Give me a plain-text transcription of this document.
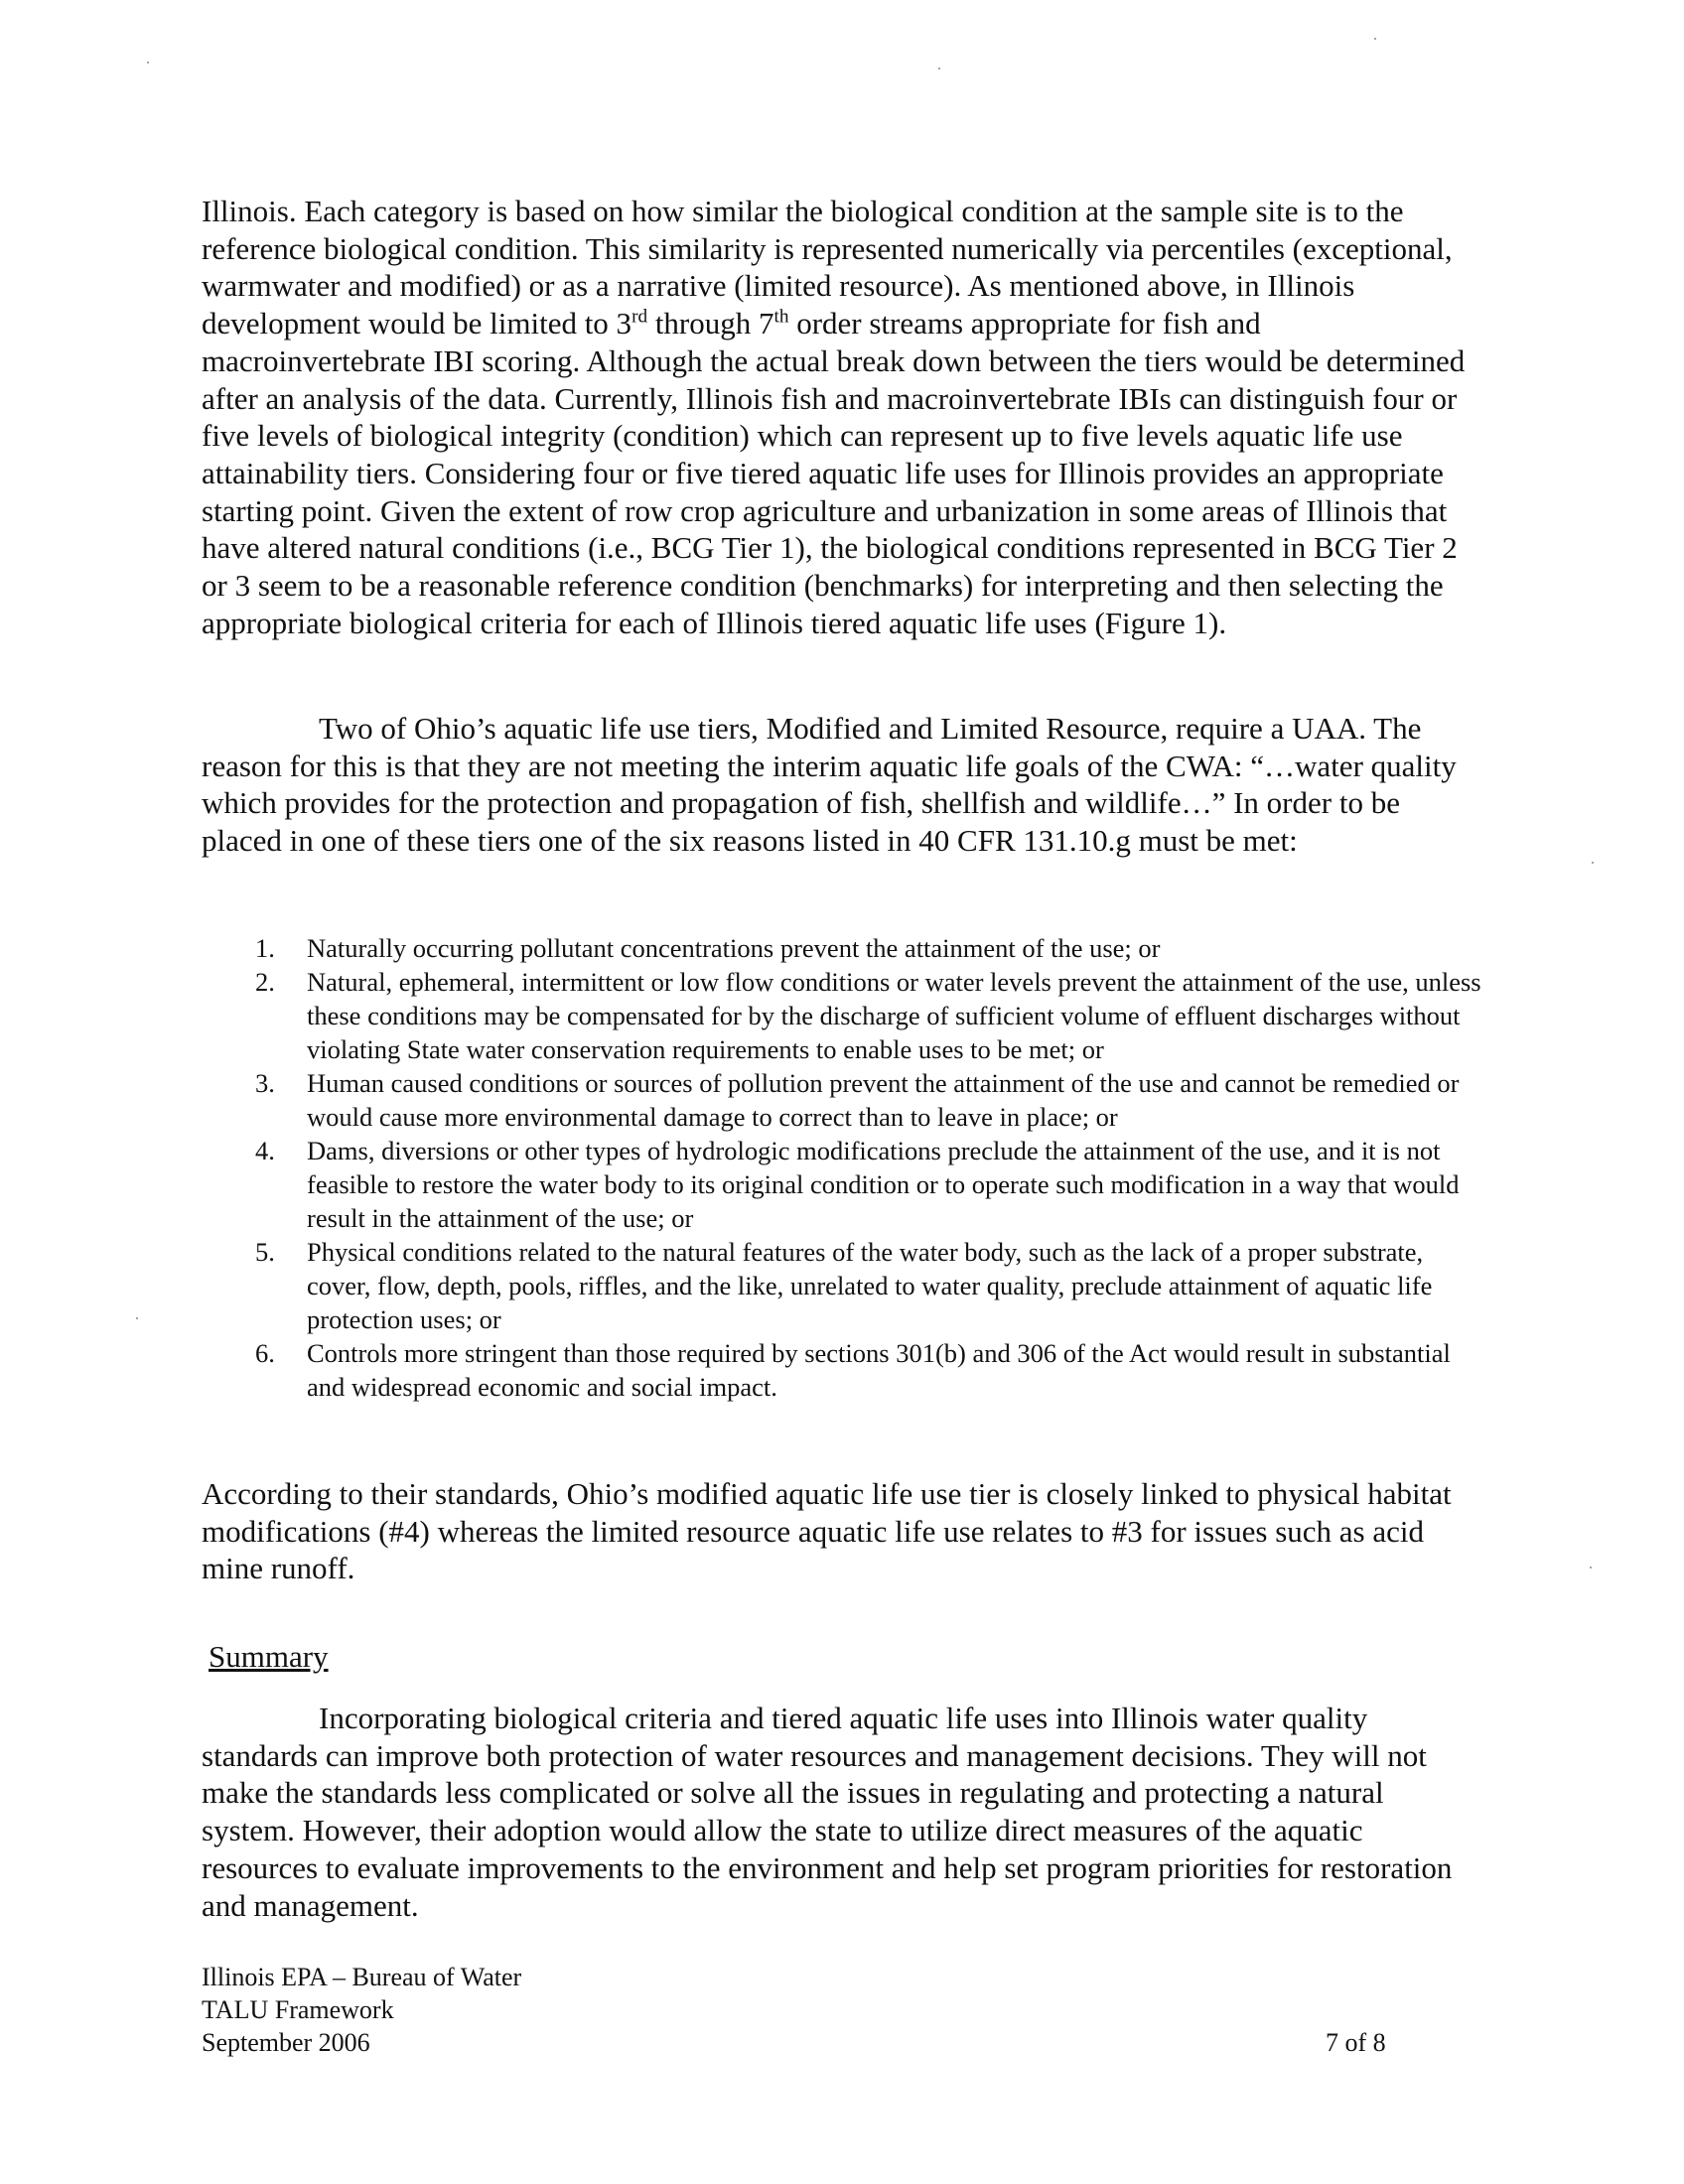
Illinois. Each category is based on how similar the biological condition at the sample site is to the reference biological condition. This similarity is represented numerically via percentiles (exceptional, warmwater and modified) or as a narrative (limited resource). As mentioned above, in Illinois development would be limited to 3rd through 7th order streams appropriate for fish and macroinvertebrate IBI scoring. Although the actual break down between the tiers would be determined after an analysis of the data. Currently, Illinois fish and macroinvertebrate IBIs can distinguish four or five levels of biological integrity (condition) which can represent up to five levels aquatic life use attainability tiers. Considering four or five tiered aquatic life uses for Illinois provides an appropriate starting point. Given the extent of row crop agriculture and urbanization in some areas of Illinois that have altered natural conditions (i.e., BCG Tier 1), the biological conditions represented in BCG Tier 2 or 3 seem to be a reasonable reference condition (benchmarks) for interpreting and then selecting the appropriate biological criteria for each of Illinois tiered aquatic life uses (Figure 1).

Two of Ohio’s aquatic life use tiers, Modified and Limited Resource, require a UAA. The reason for this is that they are not meeting the interim aquatic life goals of the CWA: “…water quality which provides for the protection and propagation of fish, shellfish and wildlife…” In order to be placed in one of these tiers one of the six reasons listed in 40 CFR 131.10.g must be met:

1. Naturally occurring pollutant concentrations prevent the attainment of the use; or
2. Natural, ephemeral, intermittent or low flow conditions or water levels prevent the attainment of the use, unless these conditions may be compensated for by the discharge of sufficient volume of effluent discharges without violating State water conservation requirements to enable uses to be met; or
3. Human caused conditions or sources of pollution prevent the attainment of the use and cannot be remedied or would cause more environmental damage to correct than to leave in place; or
4. Dams, diversions or other types of hydrologic modifications preclude the attainment of the use, and it is not feasible to restore the water body to its original condition or to operate such modification in a way that would result in the attainment of the use; or
5. Physical conditions related to the natural features of the water body, such as the lack of a proper substrate, cover, flow, depth, pools, riffles, and the like, unrelated to water quality, preclude attainment of aquatic life protection uses; or
6. Controls more stringent than those required by sections 301(b) and 306 of the Act would result in substantial and widespread economic and social impact.

According to their standards, Ohio’s modified aquatic life use tier is closely linked to physical habitat modifications (#4) whereas the limited resource aquatic life use relates to #3 for issues such as acid mine runoff.

Summary

Incorporating biological criteria and tiered aquatic life uses into Illinois water quality standards can improve both protection of water resources and management decisions. They will not make the standards less complicated or solve all the issues in regulating and protecting a natural system. However, their adoption would allow the state to utilize direct measures of the aquatic resources to evaluate improvements to the environment and help set program priorities for restoration and management.

Illinois EPA – Bureau of Water
TALU Framework
September 2006	7 of 8
